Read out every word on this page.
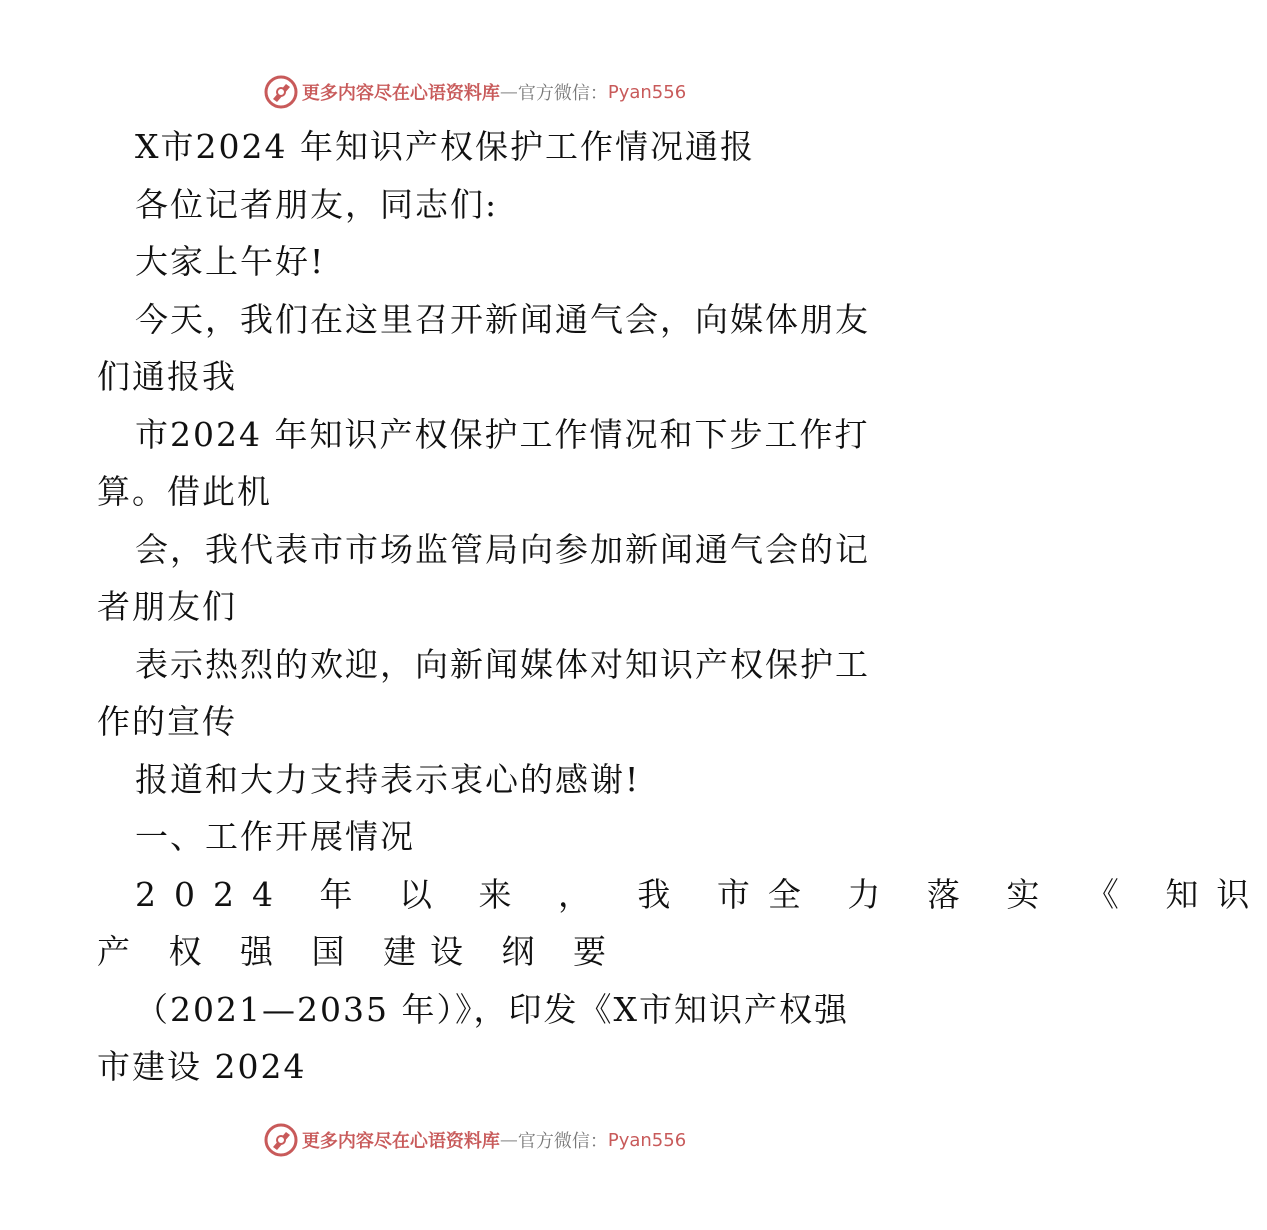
更多内容尽在心语资料库 — 官方微信： Pyan556
X市2024 年知识产权保护工作情况通报
各位记者朋友，同志们:
大家上午好!
今天，我们在这里召开新闻通气会，向媒体朋友
们通报我
市2024 年知识产权保护工作情况和下步工作打
算。借此机
会，我代表市市场监管局向参加新闻通气会的记
者朋友们
表示热烈的欢迎，向新闻媒体对知识产权保护工
作的宣传
报道和大力支持表示衷心的感谢!
一、工作开展情况
2024 年 以 来 ， 我 市全 力 落 实 《 知识
产 权 强 国 建设 纲 要
（2021—2035 年）》，印发《X市知识产权强
市建设 2024
更多内容尽在心语资料库 — 官方微信： Pyan556
